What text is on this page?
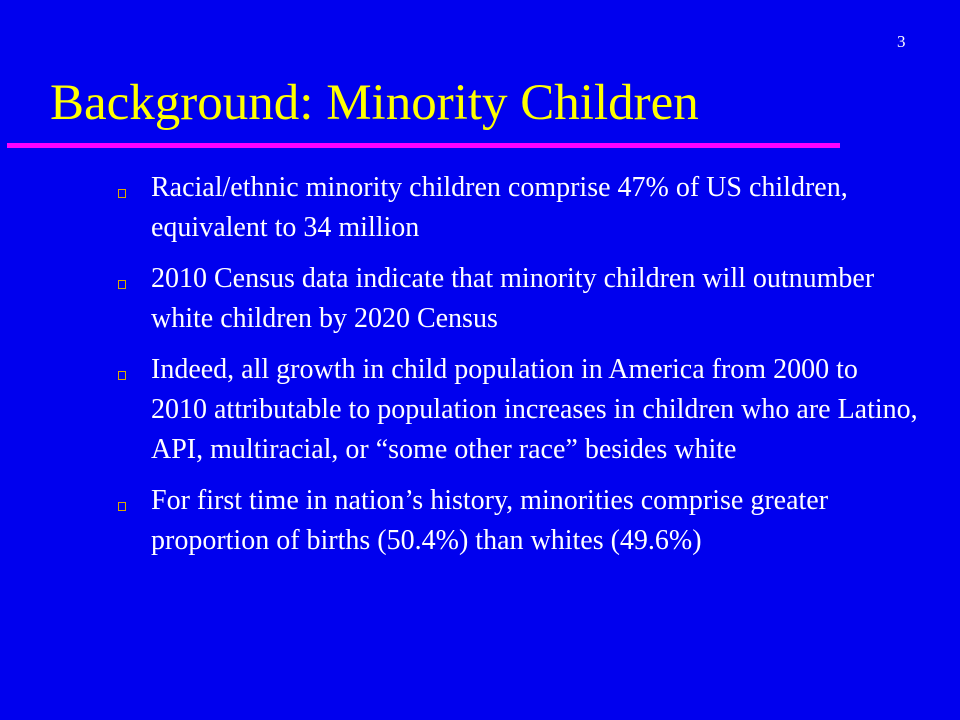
3
Background: Minority Children
Racial/ethnic minority children comprise 47% of US children, equivalent to 34 million
2010 Census data indicate that minority children will outnumber white children by 2020 Census
Indeed, all growth in child population in America from 2000 to 2010 attributable to population increases in children who are Latino, API, multiracial, or “some other race” besides white
For first time in nation’s history, minorities comprise greater proportion of births (50.4%) than whites (49.6%)
